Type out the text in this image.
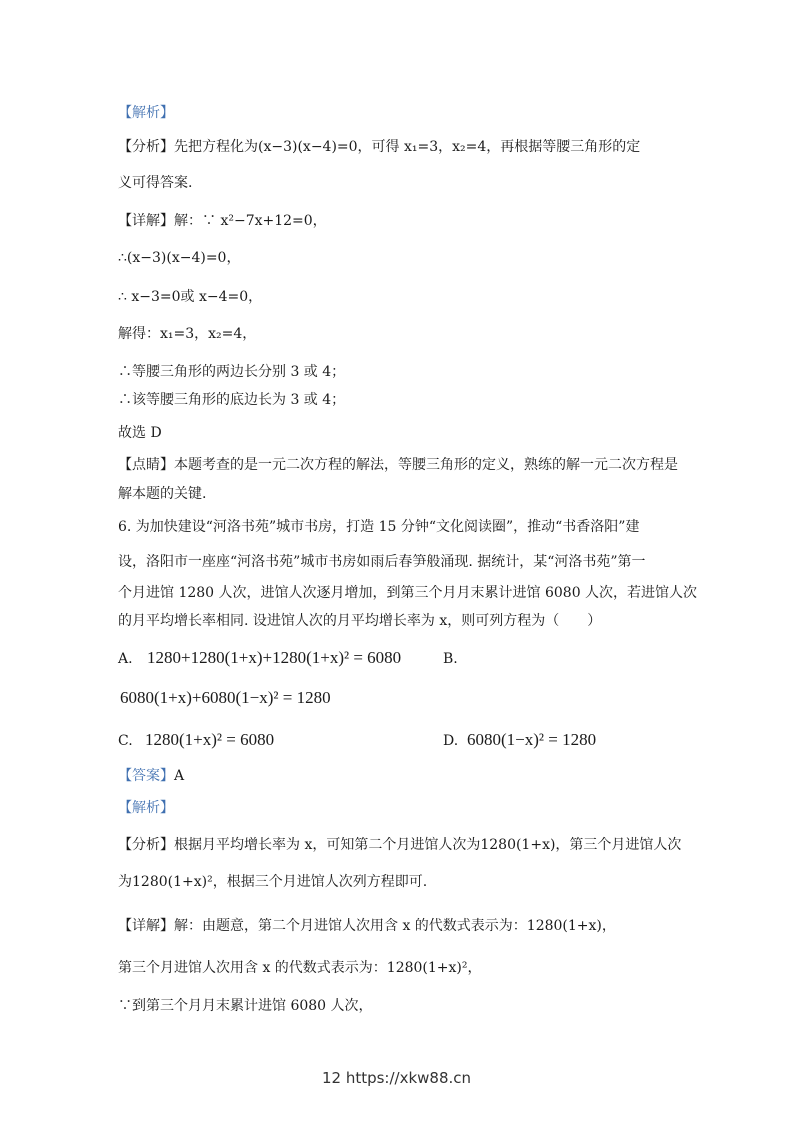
【解析】
【分析】先把方程化为(x−3)(x−4)=0，可得 x₁=3，x₂=4，再根据等腰三角形的定
义可得答案.
【详解】解：∵ x²−7x+12=0，
∴(x−3)(x−4)=0，
∴ x−3=0或 x−4=0，
解得：x₁=3，x₂=4，
∴等腰三角形的两边长分别 3 或 4；
∴该等腰三角形的底边长为 3 或 4；
故选 D
【点睛】本题考查的是一元二次方程的解法，等腰三角形的定义，熟练的解一元二次方程是
解本题的关键.
6. 为加快建设“河洛书苑”城市书房，打造 15 分钟“文化阅读圈”，推动“书香洛阳”建
设，洛阳市一座座“河洛书苑”城市书房如雨后春笋般涌现. 据统计，某“河洛书苑”第一
个月进馆 1280 人次，进馆人次逐月增加，到第三个月月末累计进馆 6080 人次，若进馆人次
的月平均增长率相同. 设进馆人次的月平均增长率为 x，则可列方程为（　　）
A. 1280+1280(1+x)+1280(1+x)² = 6080	B.
6080(1+x)+6080(1−x)² = 1280
C. 1280(1+x)² = 6080	D. 6080(1−x)² = 1280
【答案】A
【解析】
【分析】根据月平均增长率为 x，可知第二个月进馆人次为1280(1+x)，第三个月进馆人次
为1280(1+x)²，根据三个月进馆人次列方程即可.
【详解】解：由题意，第二个月进馆人次用含 x 的代数式表示为：1280(1+x)，
第三个月进馆人次用含 x 的代数式表示为：1280(1+x)²，
∵到第三个月月末累计进馆 6080 人次，
12 https://xkw88.cn
